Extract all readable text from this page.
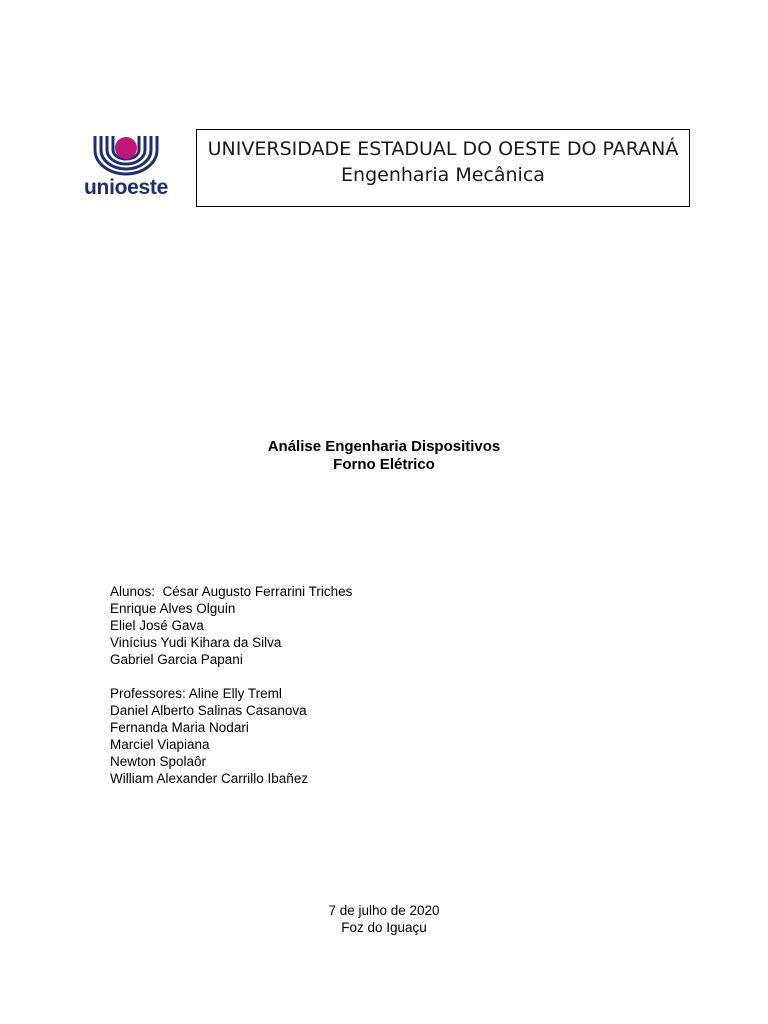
unioeste
UNIVERSIDADE ESTADUAL DO OESTE DO PARANÁ
Engenharia Mecânica
Análise Engenharia Dispositivos
Forno Elétrico
Alunos: César Augusto Ferrarini Triches
Enrique Alves Olguin
Eliel José Gava
Vinícius Yudi Kihara da Silva
Gabriel Garcia Papani
Professores: Aline Elly Treml
Daniel Alberto Salinas Casanova
Fernanda Maria Nodari
Marciel Viapiana
Newton Spolaôr
William Alexander Carrillo Ibañez
7 de julho de 2020
Foz do Iguaçu
